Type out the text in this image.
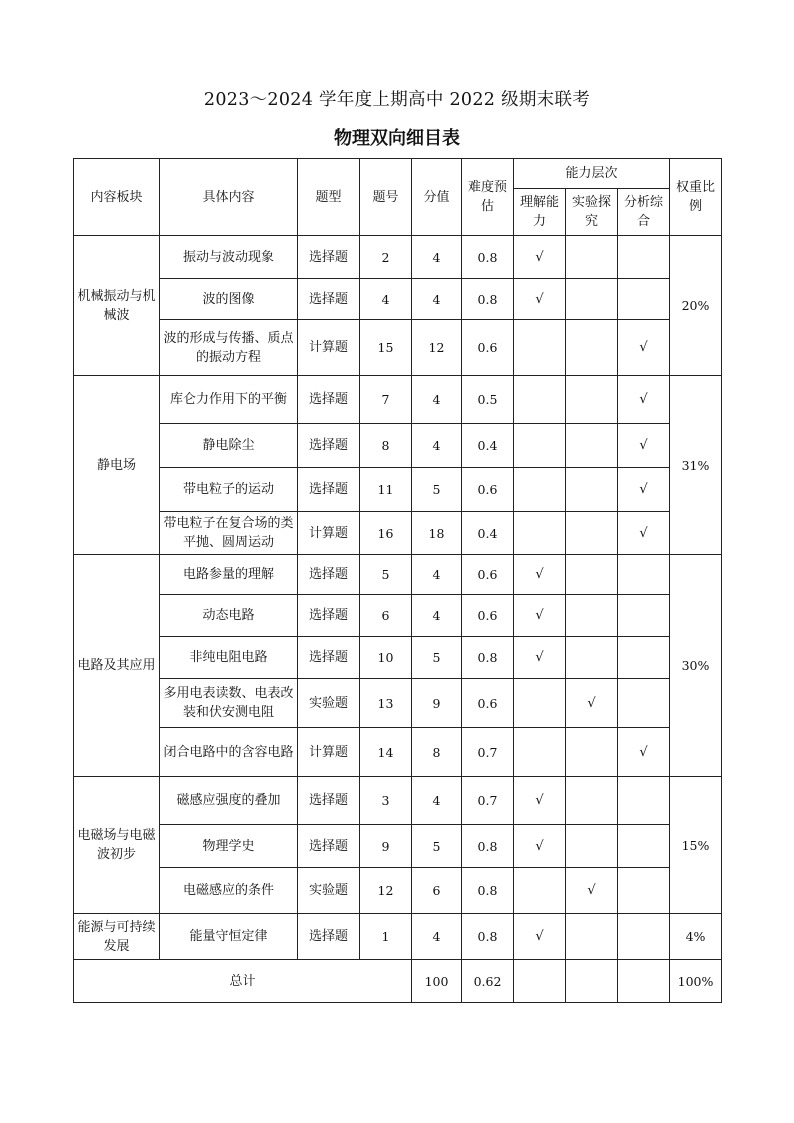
2023～2024 学年度上期高中 2022 级期末联考
物理双向细目表
内容板块	具体内容	题型	题号	分值	难度预估	能力层次			权重比例
						理解能力	实验探究	分析综合	
机械振动与机械波	振动与波动现象	选择题	2	4	0.8	√			20%
	波的图像	选择题	4	4	0.8	√			
	波的形成与传播、质点的振动方程	计算题	15	12	0.6			√	
静电场	库仑力作用下的平衡	选择题	7	4	0.5			√	31%
	静电除尘	选择题	8	4	0.4			√	
	带电粒子的运动	选择题	11	5	0.6			√	
	带电粒子在复合场的类平抛、圆周运动	计算题	16	18	0.4			√	
电路及其应用	电路参量的理解	选择题	5	4	0.6	√			30%
	动态电路	选择题	6	4	0.6	√			
	非纯电阻电路	选择题	10	5	0.8	√			
	多用电表读数、电表改装和伏安测电阻	实验题	13	9	0.6		√		
	闭合电路中的含容电路	计算题	14	8	0.7			√	
电磁场与电磁波初步	磁感应强度的叠加	选择题	3	4	0.7	√			15%
	物理学史	选择题	9	5	0.8	√			
	电磁感应的条件	实验题	12	6	0.8		√		
能源与可持续发展	能量守恒定律	选择题	1	4	0.8	√			4%
总计				100	0.62				100%
